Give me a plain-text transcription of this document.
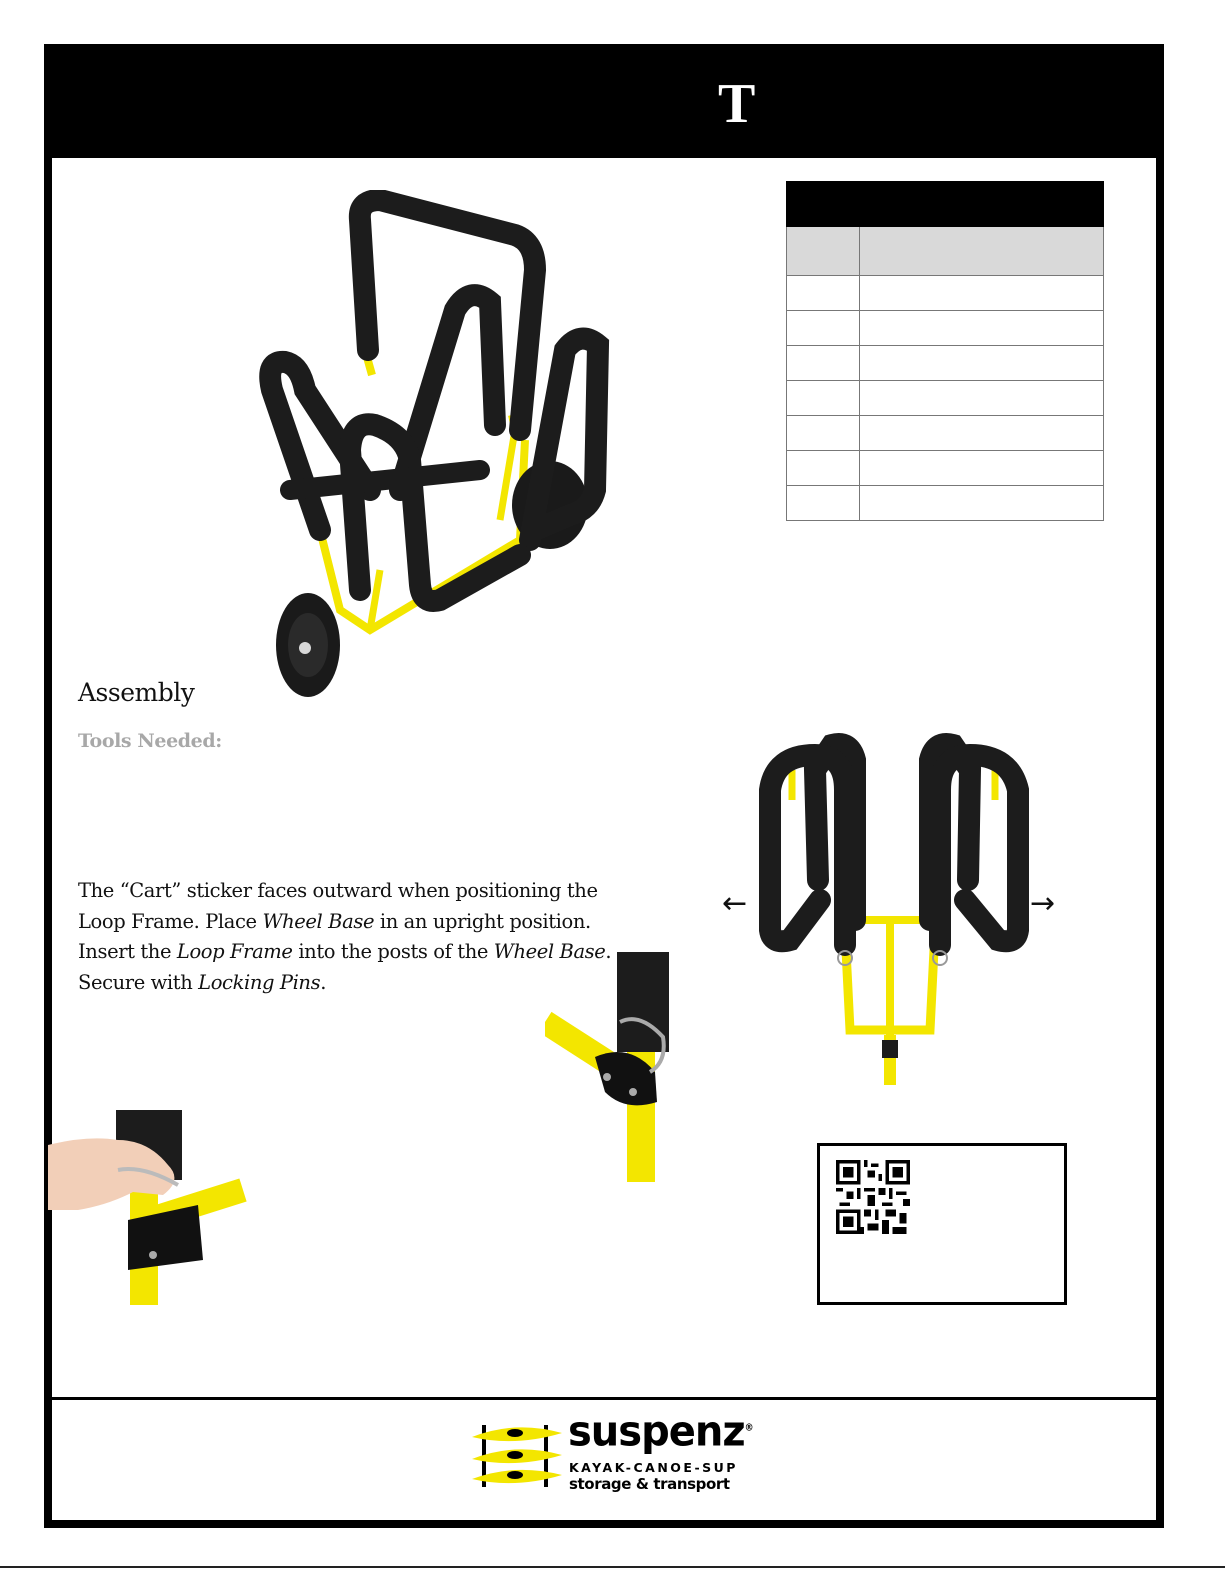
T

Assembly
Tools Needed:

The “Cart” sticker faces outward when positioning the
Loop Frame. Place Wheel Base in an upright position.
Insert the Loop Frame into the posts of the Wheel Base.
Secure with Locking Pins.

←	→
suspenz®
KAYAK-CANOE-SUP
storage & transport
